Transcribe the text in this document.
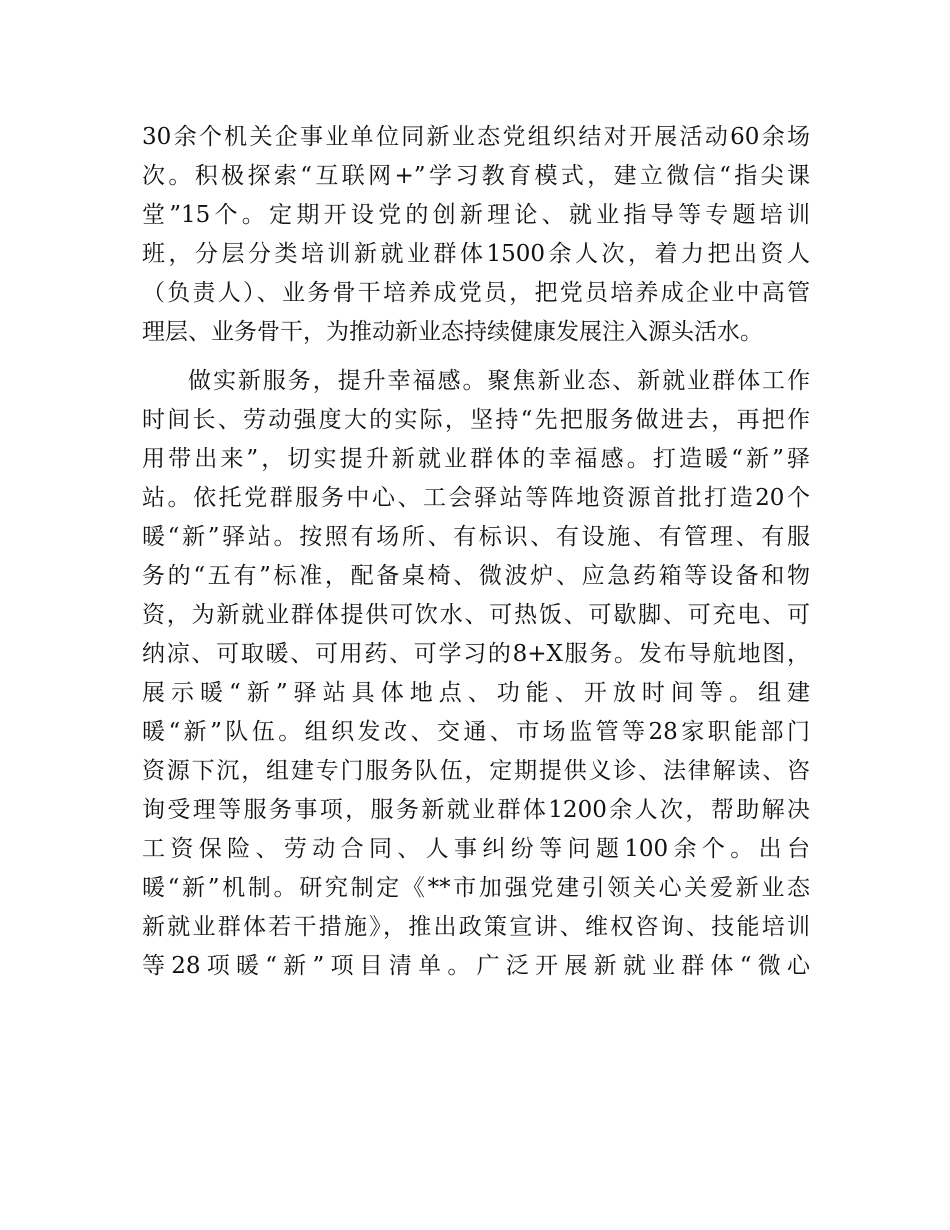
30余个机关企事业单位同新业态党组织结对开展活动60余场
次。积极探索“互联网+”学习教育模式，建立微信“指尖课
堂”15个。定期开设党的创新理论、就业指导等专题培训
班，分层分类培训新就业群体1500余人次，着力把出资人
（负责人）、业务骨干培养成党员，把党员培养成企业中高管
理层、业务骨干，为推动新业态持续健康发展注入源头活水。
做实新服务，提升幸福感。聚焦新业态、新就业群体工作
时间长、劳动强度大的实际，坚持“先把服务做进去，再把作
用带出来”，切实提升新就业群体的幸福感。打造暖“新”驿
站。依托党群服务中心、工会驿站等阵地资源首批打造20个
暖“新”驿站。按照有场所、有标识、有设施、有管理、有服
务的“五有”标准，配备桌椅、微波炉、应急药箱等设备和物
资，为新就业群体提供可饮水、可热饭、可歇脚、可充电、可
纳凉、可取暖、可用药、可学习的8+X服务。发布导航地图，
展示暖“新”驿站具体地点、功能、开放时间等。组建
暖“新”队伍。组织发改、交通、市场监管等28家职能部门
资源下沉，组建专门服务队伍，定期提供义诊、法律解读、咨
询受理等服务事项，服务新就业群体1200余人次，帮助解决
工资保险、劳动合同、人事纠纷等问题100余个。出台
暖“新”机制。研究制定《**市加强党建引领关心关爱新业态
新就业群体若干措施》，推出政策宣讲、维权咨询、技能培训
等28项暖“新”项目清单。广泛开展新就业群体“微心
